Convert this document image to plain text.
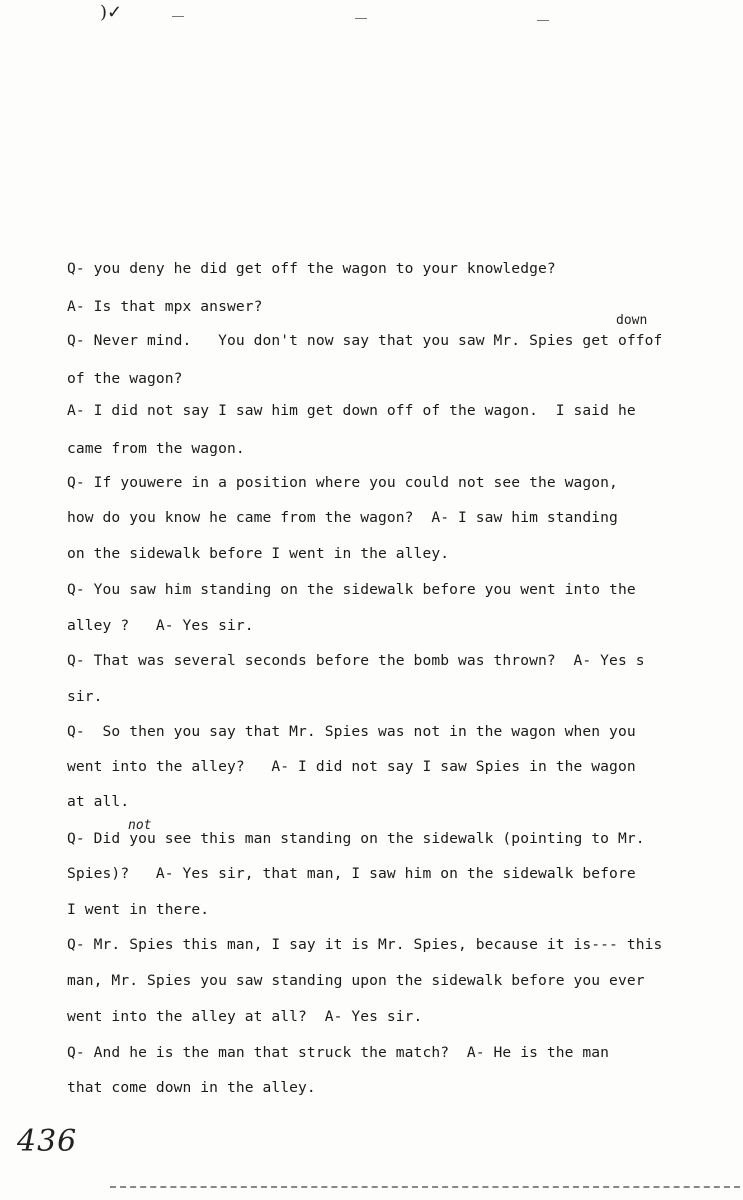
)✓
down
not
Q- you deny he did get off the wagon to your knowledge?
A- Is that mpx answer?
Q- Never mind.   You don't now say that you saw Mr. Spies get offof
of the wagon?
A- I did not say I saw him get down off of the wagon.  I said he
came from the wagon.
Q- If youwere in a position where you could not see the wagon,
how do you know he came from the wagon?  A- I saw him standing
on the sidewalk before I went in the alley.
Q- You saw him standing on the sidewalk before you went into the
alley ?   A- Yes sir.
Q- That was several seconds before the bomb was thrown?  A- Yes s
sir.
Q-  So then you say that Mr. Spies was not in the wagon when you
went into the alley?   A- I did not say I saw Spies in the wagon
at all.
Q- Did you see this man standing on the sidewalk (pointing to Mr.
Spies)?   A- Yes sir, that man, I saw him on the sidewalk before
I went in there.
Q- Mr. Spies this man, I say it is Mr. Spies, because it is--- this
man, Mr. Spies you saw standing upon the sidewalk before you ever
went into the alley at all?  A- Yes sir.
Q- And he is the man that struck the match?  A- He is the man
that come down in the alley.
436
